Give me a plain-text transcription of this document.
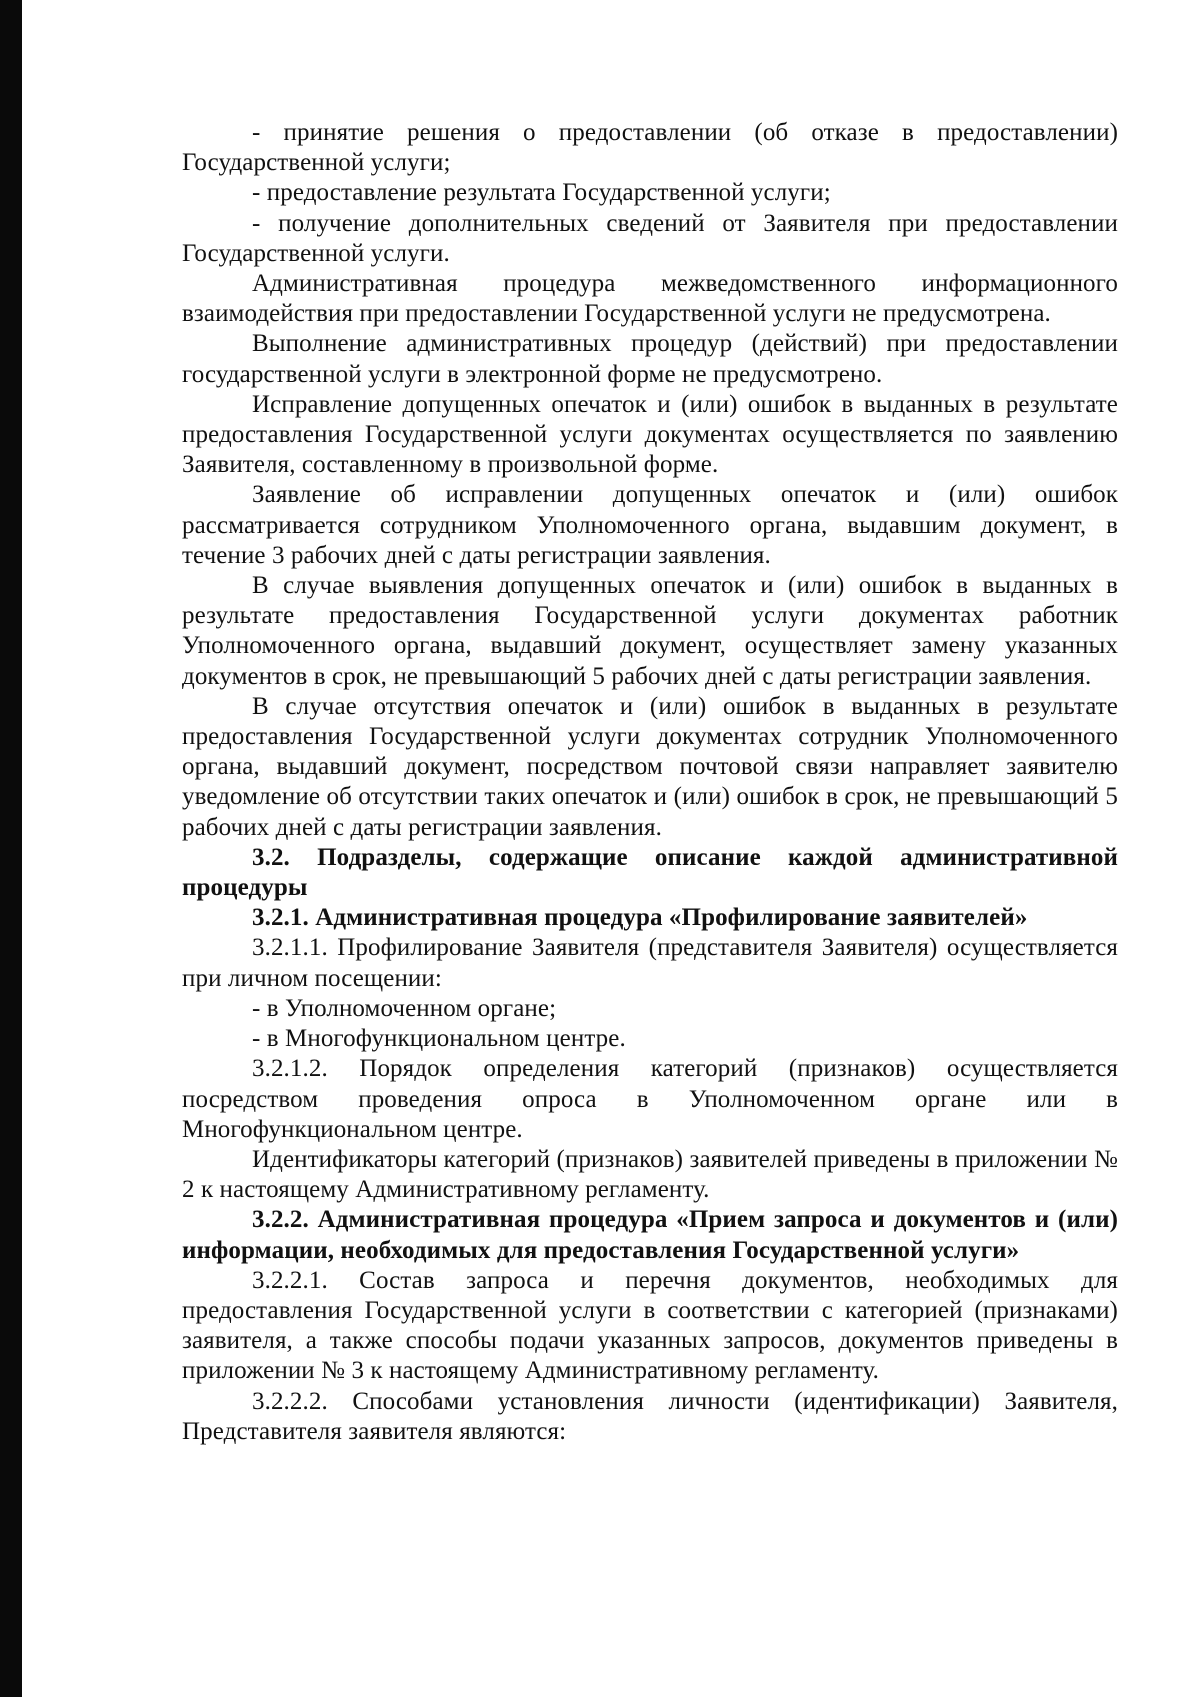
- принятие решения о предоставлении (об отказе в предоставлении) Государственной услуги;

- предоставление результата Государственной услуги;

- получение дополнительных сведений от Заявителя при предоставлении Государственной услуги.

Административная процедура межведомственного информационного взаимодействия при предоставлении Государственной услуги не предусмотрена.

Выполнение административных процедур (действий) при предоставлении государственной услуги в электронной форме не предусмотрено.

Исправление допущенных опечаток и (или) ошибок в выданных в результате предоставления Государственной услуги документах осуществляется по заявлению Заявителя, составленному в произвольной форме.

Заявление об исправлении допущенных опечаток и (или) ошибок рассматривается сотрудником Уполномоченного органа, выдавшим документ, в течение 3 рабочих дней с даты регистрации заявления.

В случае выявления допущенных опечаток и (или) ошибок в выданных в результате предоставления Государственной услуги документах работник Уполномоченного органа, выдавший документ, осуществляет замену указанных документов в срок, не превышающий 5 рабочих дней с даты регистрации заявления.

В случае отсутствия опечаток и (или) ошибок в выданных в результате предоставления Государственной услуги документах сотрудник Уполномоченного органа, выдавший документ, посредством почтовой связи направляет заявителю уведомление об отсутствии таких опечаток и (или) ошибок в срок, не превышающий 5 рабочих дней с даты регистрации заявления.

3.2. Подразделы, содержащие описание каждой административной процедуры

3.2.1. Административная процедура «Профилирование заявителей»

3.2.1.1. Профилирование Заявителя (представителя Заявителя) осуществляется при личном посещении:

- в Уполномоченном органе;

- в Многофункциональном центре.

3.2.1.2. Порядок определения категорий (признаков) осуществляется посредством проведения опроса в Уполномоченном органе или в Многофункциональном центре.

Идентификаторы категорий (признаков) заявителей приведены в приложении № 2 к настоящему Административному регламенту.

3.2.2. Административная процедура «Прием запроса и документов и (или) информации, необходимых для предоставления Государственной услуги»

3.2.2.1. Состав запроса и перечня документов, необходимых для предоставления Государственной услуги в соответствии с категорией (признаками) заявителя, а также способы подачи указанных запросов, документов приведены в приложении № 3 к настоящему Административному регламенту.

3.2.2.2. Способами установления личности (идентификации) Заявителя, Представителя заявителя являются:
